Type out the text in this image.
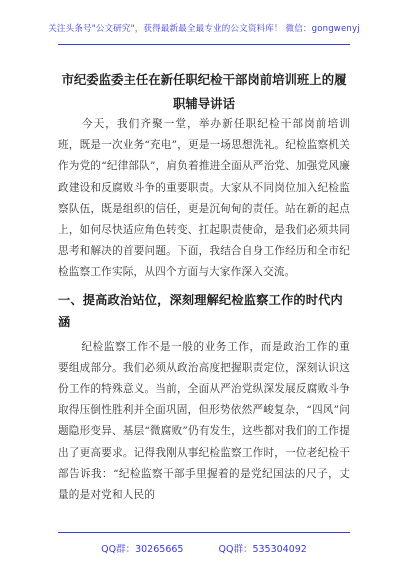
关注头条号"公文研究"，获得最新最全最专业的公文资料库！ 微信：gongwenyj
市纪委监委主任在新任职纪检干部岗前培训班上的履职辅导讲话

今天，我们齐聚一堂，举办新任职纪检干部岗前培训班，既是一次业务“充电”，更是一场思想洗礼。纪检监察机关作为党的“纪律部队”，肩负着推进全面从严治党、加强党风廉政建设和反腐败斗争的重要职责。大家从不同岗位加入纪检监察队伍，既是组织的信任，更是沉甸甸的责任。站在新的起点上，如何尽快适应角色转变、扛起职责使命，是我们必须共同思考和解决的首要问题。下面，我结合自身工作经历和全市纪检监察工作实际，从四个方面与大家作深入交流。

一、提高政治站位，深刻理解纪检监察工作的时代内涵

纪检监察工作不是一般的业务工作，而是政治工作的重要组成部分。我们必须从政治高度把握职责定位，深刻认识这份工作的特殊意义。当前，全面从严治党纵深发展反腐败斗争取得压倒性胜利并全面巩固，但形势依然严峻复杂，“四风”问题隐形变异、基层“微腐败”仍有发生，这些都对我们的工作提出了更高要求。记得我刚从事纪检监察工作时，一位老纪检干部告诉我：“纪检监察干部手里握着的是党纪国法的尺子，丈量的是对党和人民的

QQ群：30265665	QQ群：535304092
